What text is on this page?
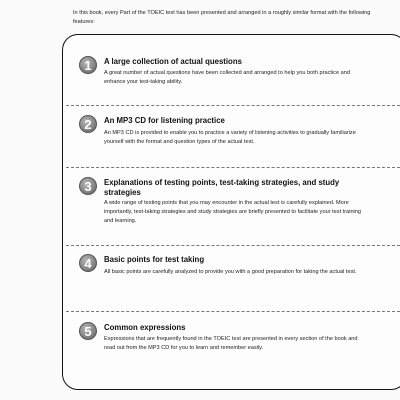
In this book, every Part of the TOEIC test has been presented and arranged in a roughly similar format with the following features:
1	A large collection of actual questions
A great number of actual questions have been collected and arranged to help you both practice and enhance your test-taking ability.
2	An MP3 CD for listening practice
An MP3 CD is provided to enable you to practice a variety of listening activities to gradually familiarize yourself with the format and question types of the actual test.
3	Explanations of testing points, test-taking strategies, and study strategies
A wide range of testing points that you may encounter in the actual test is carefully explained. More importantly, test-taking strategies and study strategies are briefly presented to facilitate your test training and learning.
4	Basic points for test taking
All basic points are carefully analyzed to provide you with a good preparation for taking the actual test.
5	Common expressions
Expressions that are frequently found in the TOEIC test are presented in every section of the book and read out from the MP3 CD for you to learn and remember easily.
